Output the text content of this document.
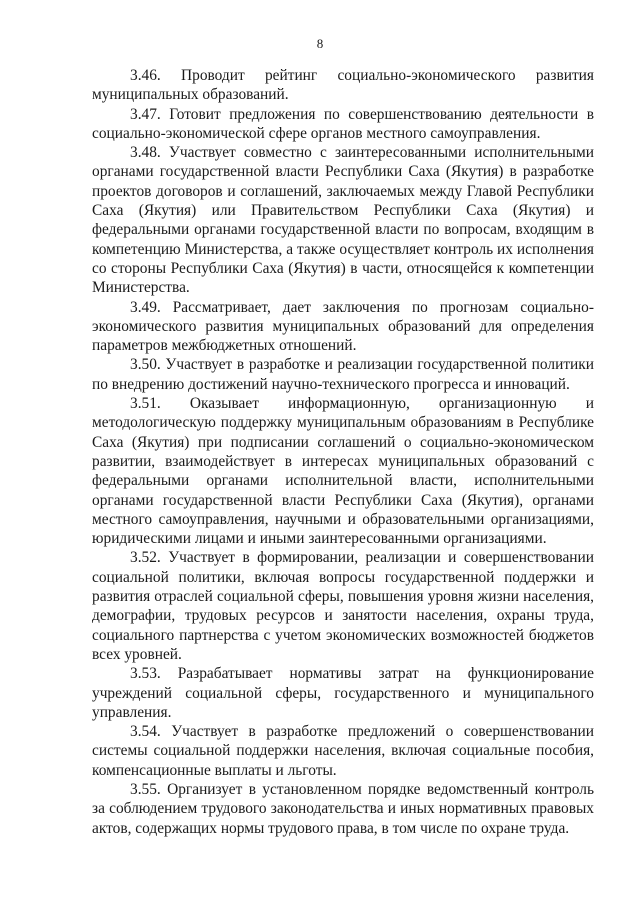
8

3.46. Проводит рейтинг социально-экономического развития муниципальных образований.

3.47. Готовит предложения по совершенствованию деятельности в социально-экономической сфере органов местного самоуправления.

3.48. Участвует совместно с заинтересованными исполнительными органами государственной власти Республики Саха (Якутия) в разработке проектов договоров и соглашений, заключаемых между Главой Республики Саха (Якутия) или Правительством Республики Саха (Якутия) и федеральными органами государственной власти по вопросам, входящим в компетенцию Министерства, а также осуществляет контроль их исполнения со стороны Республики Саха (Якутия) в части, относящейся к компетенции Министерства.

3.49. Рассматривает, дает заключения по прогнозам социально-экономического развития муниципальных образований для определения параметров межбюджетных отношений.

3.50. Участвует в разработке и реализации государственной политики по внедрению достижений научно-технического прогресса и инноваций.

3.51. Оказывает информационную, организационную и методологическую поддержку муниципальным образованиям в Республике Саха (Якутия) при подписании соглашений о социально-экономическом развитии, взаимодействует в интересах муниципальных образований с федеральными органами исполнительной власти, исполнительными органами государственной власти Республики Саха (Якутия), органами местного самоуправления, научными и образовательными организациями, юридическими лицами и иными заинтересованными организациями.

3.52. Участвует в формировании, реализации и совершенствовании социальной политики, включая вопросы государственной поддержки и развития отраслей социальной сферы, повышения уровня жизни населения, демографии, трудовых ресурсов и занятости населения, охраны труда, социального партнерства с учетом экономических возможностей бюджетов всех уровней.

3.53. Разрабатывает нормативы затрат на функционирование учреждений социальной сферы, государственного и муниципального управления.

3.54. Участвует в разработке предложений о совершенствовании системы социальной поддержки населения, включая социальные пособия, компенсационные выплаты и льготы.

3.55. Организует в установленном порядке ведомственный контроль за соблюдением трудового законодательства и иных нормативных правовых актов, содержащих нормы трудового права, в том числе по охране труда.
